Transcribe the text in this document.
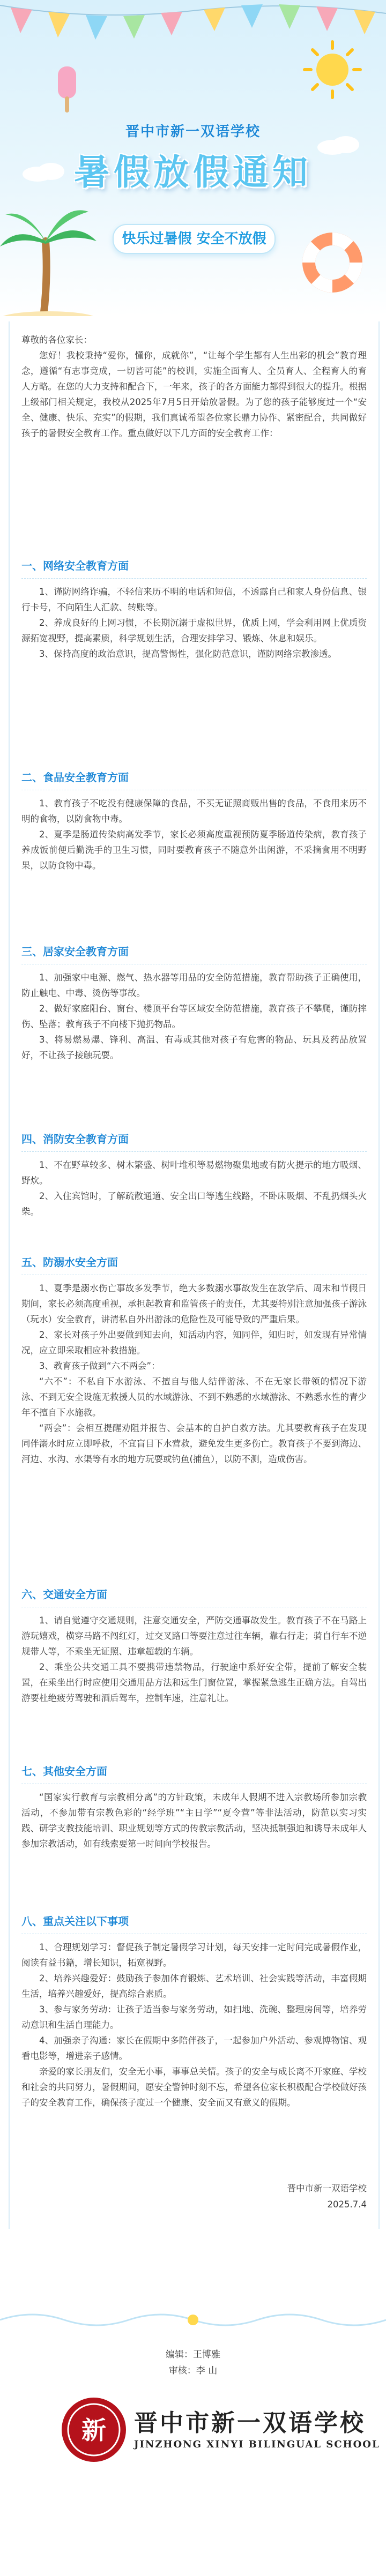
晋中市新一双语学校
暑假放假通知
快乐过暑假 安全不放假

尊敬的各位家长：

您好！我校秉持“爱你，懂你，成就你”，“让每个学生都有人生出彩的机会”教育理念，遵循“有志事竟成，一切皆可能”的校训，实施全面育人、全员育人、全程育人的育人方略。在您的大力支持和配合下，一年来，孩子的各方面能力都得到很大的提升。根据上级部门相关规定，我校从2025年7月5日开始放暑假。为了您的孩子能够度过一个“安全、健康、快乐、充实”的假期，我们真诚希望各位家长鼎力协作、紧密配合，共同做好孩子的暑假安全教育工作。重点做好以下几方面的安全教育工作：

一、网络安全教育方面

1、谨防网络诈骗，不轻信来历不明的电话和短信，不透露自己和家人身份信息、银行卡号，不向陌生人汇款、转账等。

2、养成良好的上网习惯，不长期沉溺于虚拟世界，优质上网，学会利用网上优质资源拓宽视野，提高素质，科学规划生活，合理安排学习、锻炼、休息和娱乐。

3、保持高度的政治意识，提高警惕性，强化防范意识，谨防网络宗教渗透。

二、食品安全教育方面

1、教育孩子不吃没有健康保障的食品，不买无证照商贩出售的食品，不食用来历不明的食物，以防食物中毒。

2、夏季是肠道传染病高发季节，家长必须高度重视预防夏季肠道传染病，教育孩子养成饭前便后勤洗手的卫生习惯，同时要教育孩子不随意外出闲游，不采摘食用不明野果，以防食物中毒。

三、居家安全教育方面

1、加强家中电源、燃气、热水器等用品的安全防范措施，教育帮助孩子正确使用，防止触电、中毒、烫伤等事故。

2、做好家庭阳台、窗台、楼顶平台等区域安全防范措施，教育孩子不攀爬，谨防摔伤、坠落；教育孩子不向楼下抛扔物品。

3、将易燃易爆、锋利、高温、有毒或其他对孩子有危害的物品、玩具及药品放置好，不让孩子接触玩耍。

四、消防安全教育方面

1、不在野草较多、树木繁盛、树叶堆积等易燃物聚集地或有防火提示的地方吸烟、野炊。

2、入住宾馆时，了解疏散通道、安全出口等逃生线路，不卧床吸烟、不乱扔烟头火柴。

五、防溺水安全方面

1、夏季是溺水伤亡事故多发季节，绝大多数溺水事故发生在放学后、周末和节假日期间，家长必须高度重视，承担起教育和监管孩子的责任，尤其要特别注意加强孩子游泳（玩水）安全教育，讲清私自外出游泳的危险性及可能导致的严重后果。

2、家长对孩子外出要做到知去向，知活动内容，知同伴，知归时，如发现有异常情况，应立即采取相应补救措施。

3、教育孩子做到“六不两会”：

“六不”：不私自下水游泳、不擅自与他人结伴游泳、不在无家长带领的情况下游泳、不到无安全设施无救援人员的水域游泳、不到不熟悉的水域游泳、不熟悉水性的青少年不擅自下水施救。

“两会”：会相互提醒劝阻并报告、会基本的自护自救方法。尤其要教育孩子在发现同伴溺水时应立即呼救，不宜盲目下水营救，避免发生更多伤亡。教育孩子不要到海边、河边、水沟、水渠等有水的地方玩耍或钓鱼(捕鱼），以防不测，造成伤害。

六、交通安全方面

1、请自觉遵守交通规则，注意交通安全，严防交通事故发生。教育孩子不在马路上游玩嬉戏，横穿马路不闯红灯，过交叉路口等要注意过往车辆，靠右行走；骑自行车不逆规带人等，不乘坐无证照、违章超载的车辆。

2、乘坐公共交通工具不要携带违禁物品，行驶途中系好安全带，提前了解安全装置，在乘坐出行时应使用交通用品方法和远生门窗位置，掌握紧急逃生正确方法。自驾出游要杜绝疲劳驾驶和酒后驾车，控制车速，注意礼让。

七、其他安全方面

“国家实行教育与宗教相分离”的方针政策，未成年人假期不进入宗教场所参加宗教活动，不参加带有宗教色彩的“经学班”“主日学”“夏令营”等非法活动，防范以实习实践、研学支教技能培训、职业规划等方式的传教宗教活动，坚决抵制强迫和诱导未成年人参加宗教活动，如有线索要第一时间向学校报告。

八、重点关注以下事项

1、合理规划学习：督促孩子制定暑假学习计划，每天安排一定时间完成暑假作业，阅读有益书籍，增长知识，拓宽视野。

2、培养兴趣爱好：鼓励孩子参加体育锻炼、艺术培训、社会实践等活动，丰富假期生活，培养兴趣爱好，提高综合素质。

3、参与家务劳动：让孩子适当参与家务劳动，如扫地、洗碗、整理房间等，培养劳动意识和生活自理能力。

4、加强亲子沟通：家长在假期中多陪伴孩子，一起参加户外活动、参观博物馆、观看电影等，增进亲子感情。

亲爱的家长朋友们，安全无小事，事事总关情。孩子的安全与成长离不开家庭、学校和社会的共同努力，暑假期间，愿安全警钟时刻不忘，希望各位家长积极配合学校做好孩子的安全教育工作，确保孩子度过一个健康、安全而又有意义的假期。

晋中市新一双语学校
2025.7.4
编辑：王博雅
审核：李 山
新 晋中市新一双语学校
JINZHONG XINYI BILINGUAL SCHOOL
